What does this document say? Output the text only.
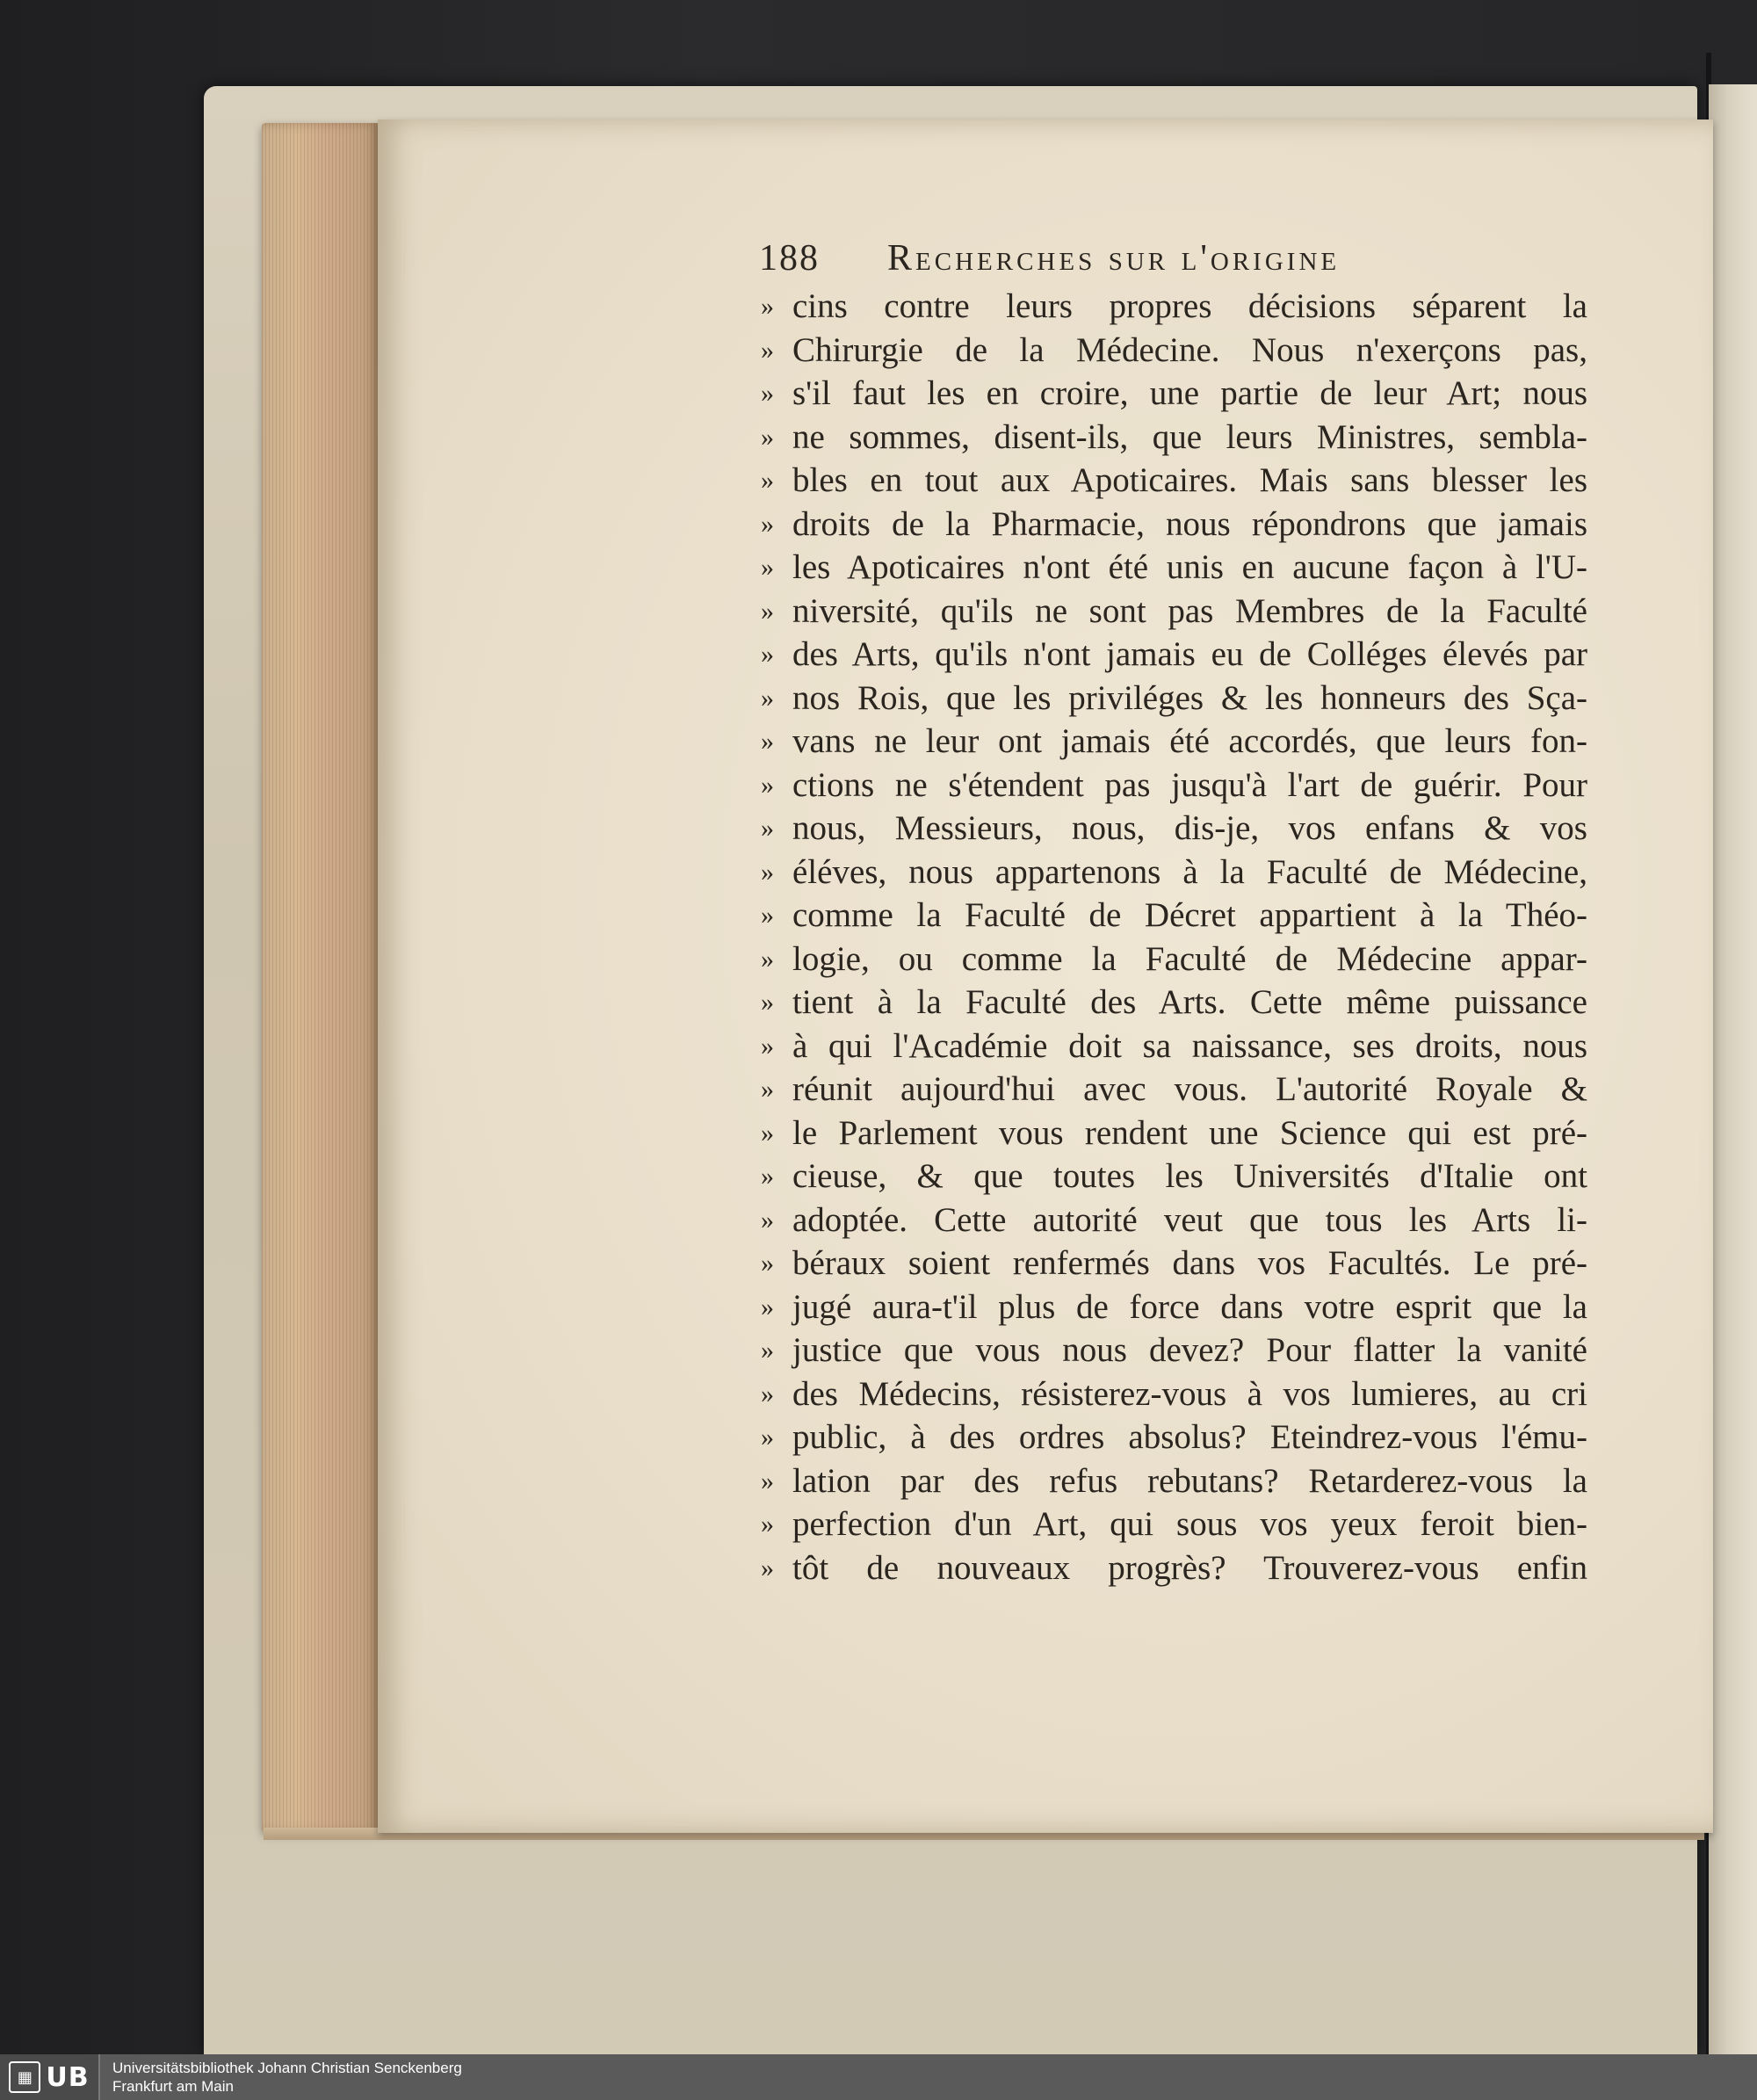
188 Recherches sur l'origine
» cins contre leurs propres décisions séparent la
» Chirurgie de la Médecine. Nous n'exerçons pas,
» s'il faut les en croire, une partie de leur Art; nous
» ne sommes, disent-ils, que leurs Ministres, sembla-
» bles en tout aux Apoticaires. Mais sans blesser les
» droits de la Pharmacie, nous répondrons que jamais
» les Apoticaires n'ont été unis en aucune façon à l'U-
» niversité, qu'ils ne sont pas Membres de la Faculté
» des Arts, qu'ils n'ont jamais eu de Colléges élevés par
» nos Rois, que les priviléges & les honneurs des Sça-
» vans ne leur ont jamais été accordés, que leurs fon-
» ctions ne s'étendent pas jusqu'à l'art de guérir. Pour
» nous, Messieurs, nous, dis-je, vos enfans & vos
» éléves, nous appartenons à la Faculté de Médecine,
» comme la Faculté de Décret appartient à la Théo-
» logie, ou comme la Faculté de Médecine appar-
» tient à la Faculté des Arts. Cette même puissance
» à qui l'Académie doit sa naissance, ses droits, nous
» réunit aujourd'hui avec vous. L'autorité Royale &
» le Parlement vous rendent une Science qui est pré-
» cieuse, & que toutes les Universités d'Italie ont
» adoptée. Cette autorité veut que tous les Arts li-
» béraux soient renfermés dans vos Facultés. Le pré-
» jugé aura-t'il plus de force dans votre esprit que la
» justice que vous nous devez? Pour flatter la vanité
» des Médecins, résisterez-vous à vos lumieres, au cri
» public, à des ordres absolus? Eteindrez-vous l'ému-
» lation par des refus rebutans? Retarderez-vous la
» perfection d'un Art, qui sous vos yeux feroit bien-
» tôt de nouveaux progrès? Trouverez-vous enfin
▦ UB Universitätsbibliothek Johann Christian Senckenberg
Frankfurt am Main
